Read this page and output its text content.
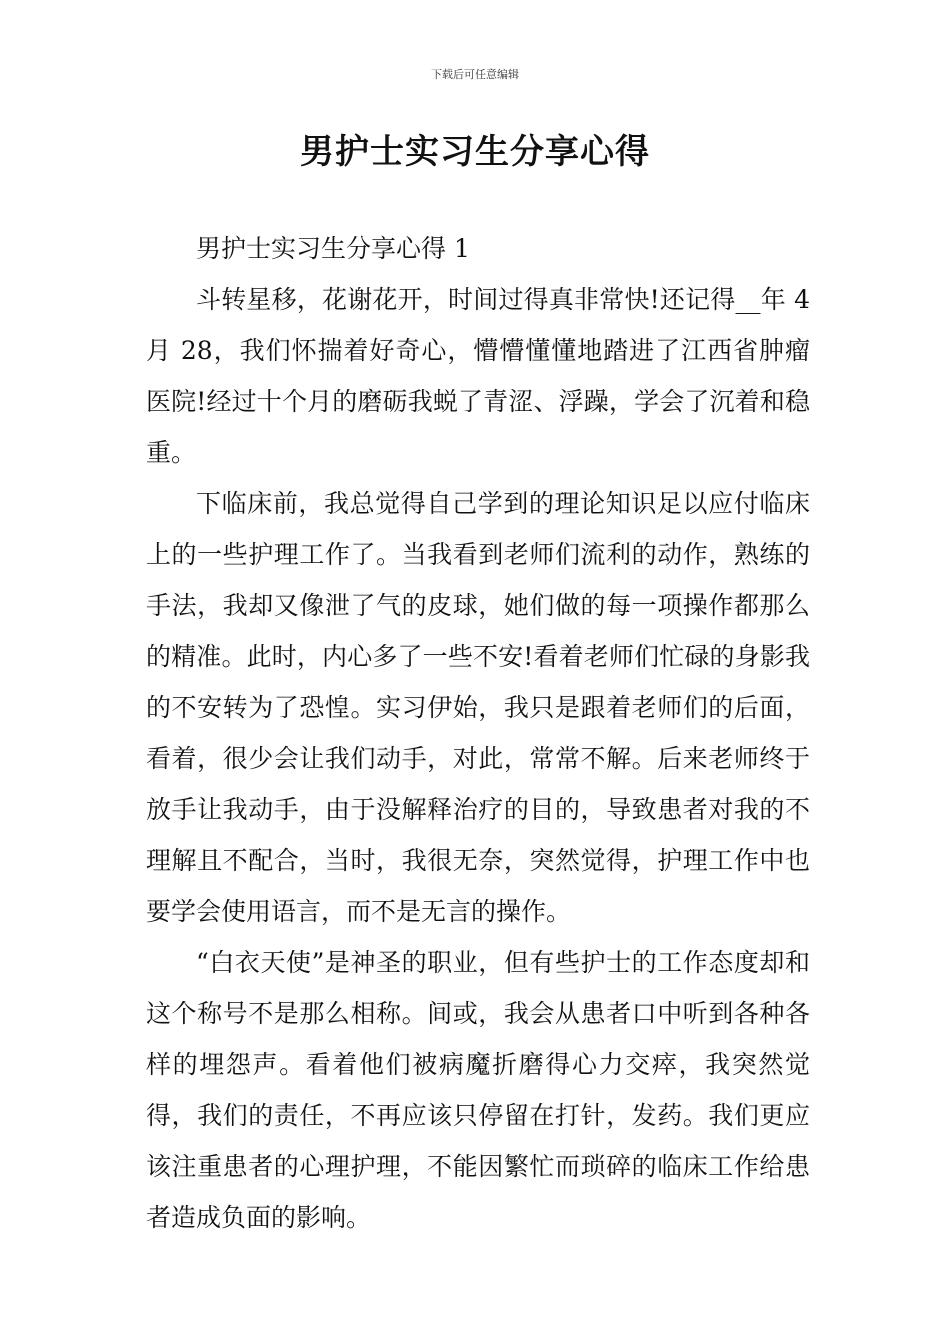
下载后可任意编辑
男护士实习生分享心得

男护士实习生分享心得 1

斗转星移，花谢花开，时间过得真非常快!还记得__年 4 月 28，我们怀揣着好奇心，懵懵懂懂地踏进了江西省肿瘤医院!经过十个月的磨砺我蜕了青涩、浮躁，学会了沉着和稳重。

下临床前，我总觉得自己学到的理论知识足以应付临床上的一些护理工作了。当我看到老师们流利的动作，熟练的手法，我却又像泄了气的皮球，她们做的每一项操作都那么的精准。此时，内心多了一些不安!看着老师们忙碌的身影我的不安转为了恐惶。实习伊始，我只是跟着老师们的后面，看着，很少会让我们动手，对此，常常不解。后来老师终于放手让我动手，由于没解释治疗的目的，导致患者对我的不理解且不配合，当时，我很无奈，突然觉得，护理工作中也要学会使用语言，而不是无言的操作。

“白衣天使”是神圣的职业，但有些护士的工作态度却和这个称号不是那么相称。间或，我会从患者口中听到各种各样的埋怨声。看着他们被病魔折磨得心力交瘁，我突然觉得，我们的责任，不再应该只停留在打针，发药。我们更应该注重患者的心理护理，不能因繁忙而琐碎的临床工作给患者造成负面的影响。
